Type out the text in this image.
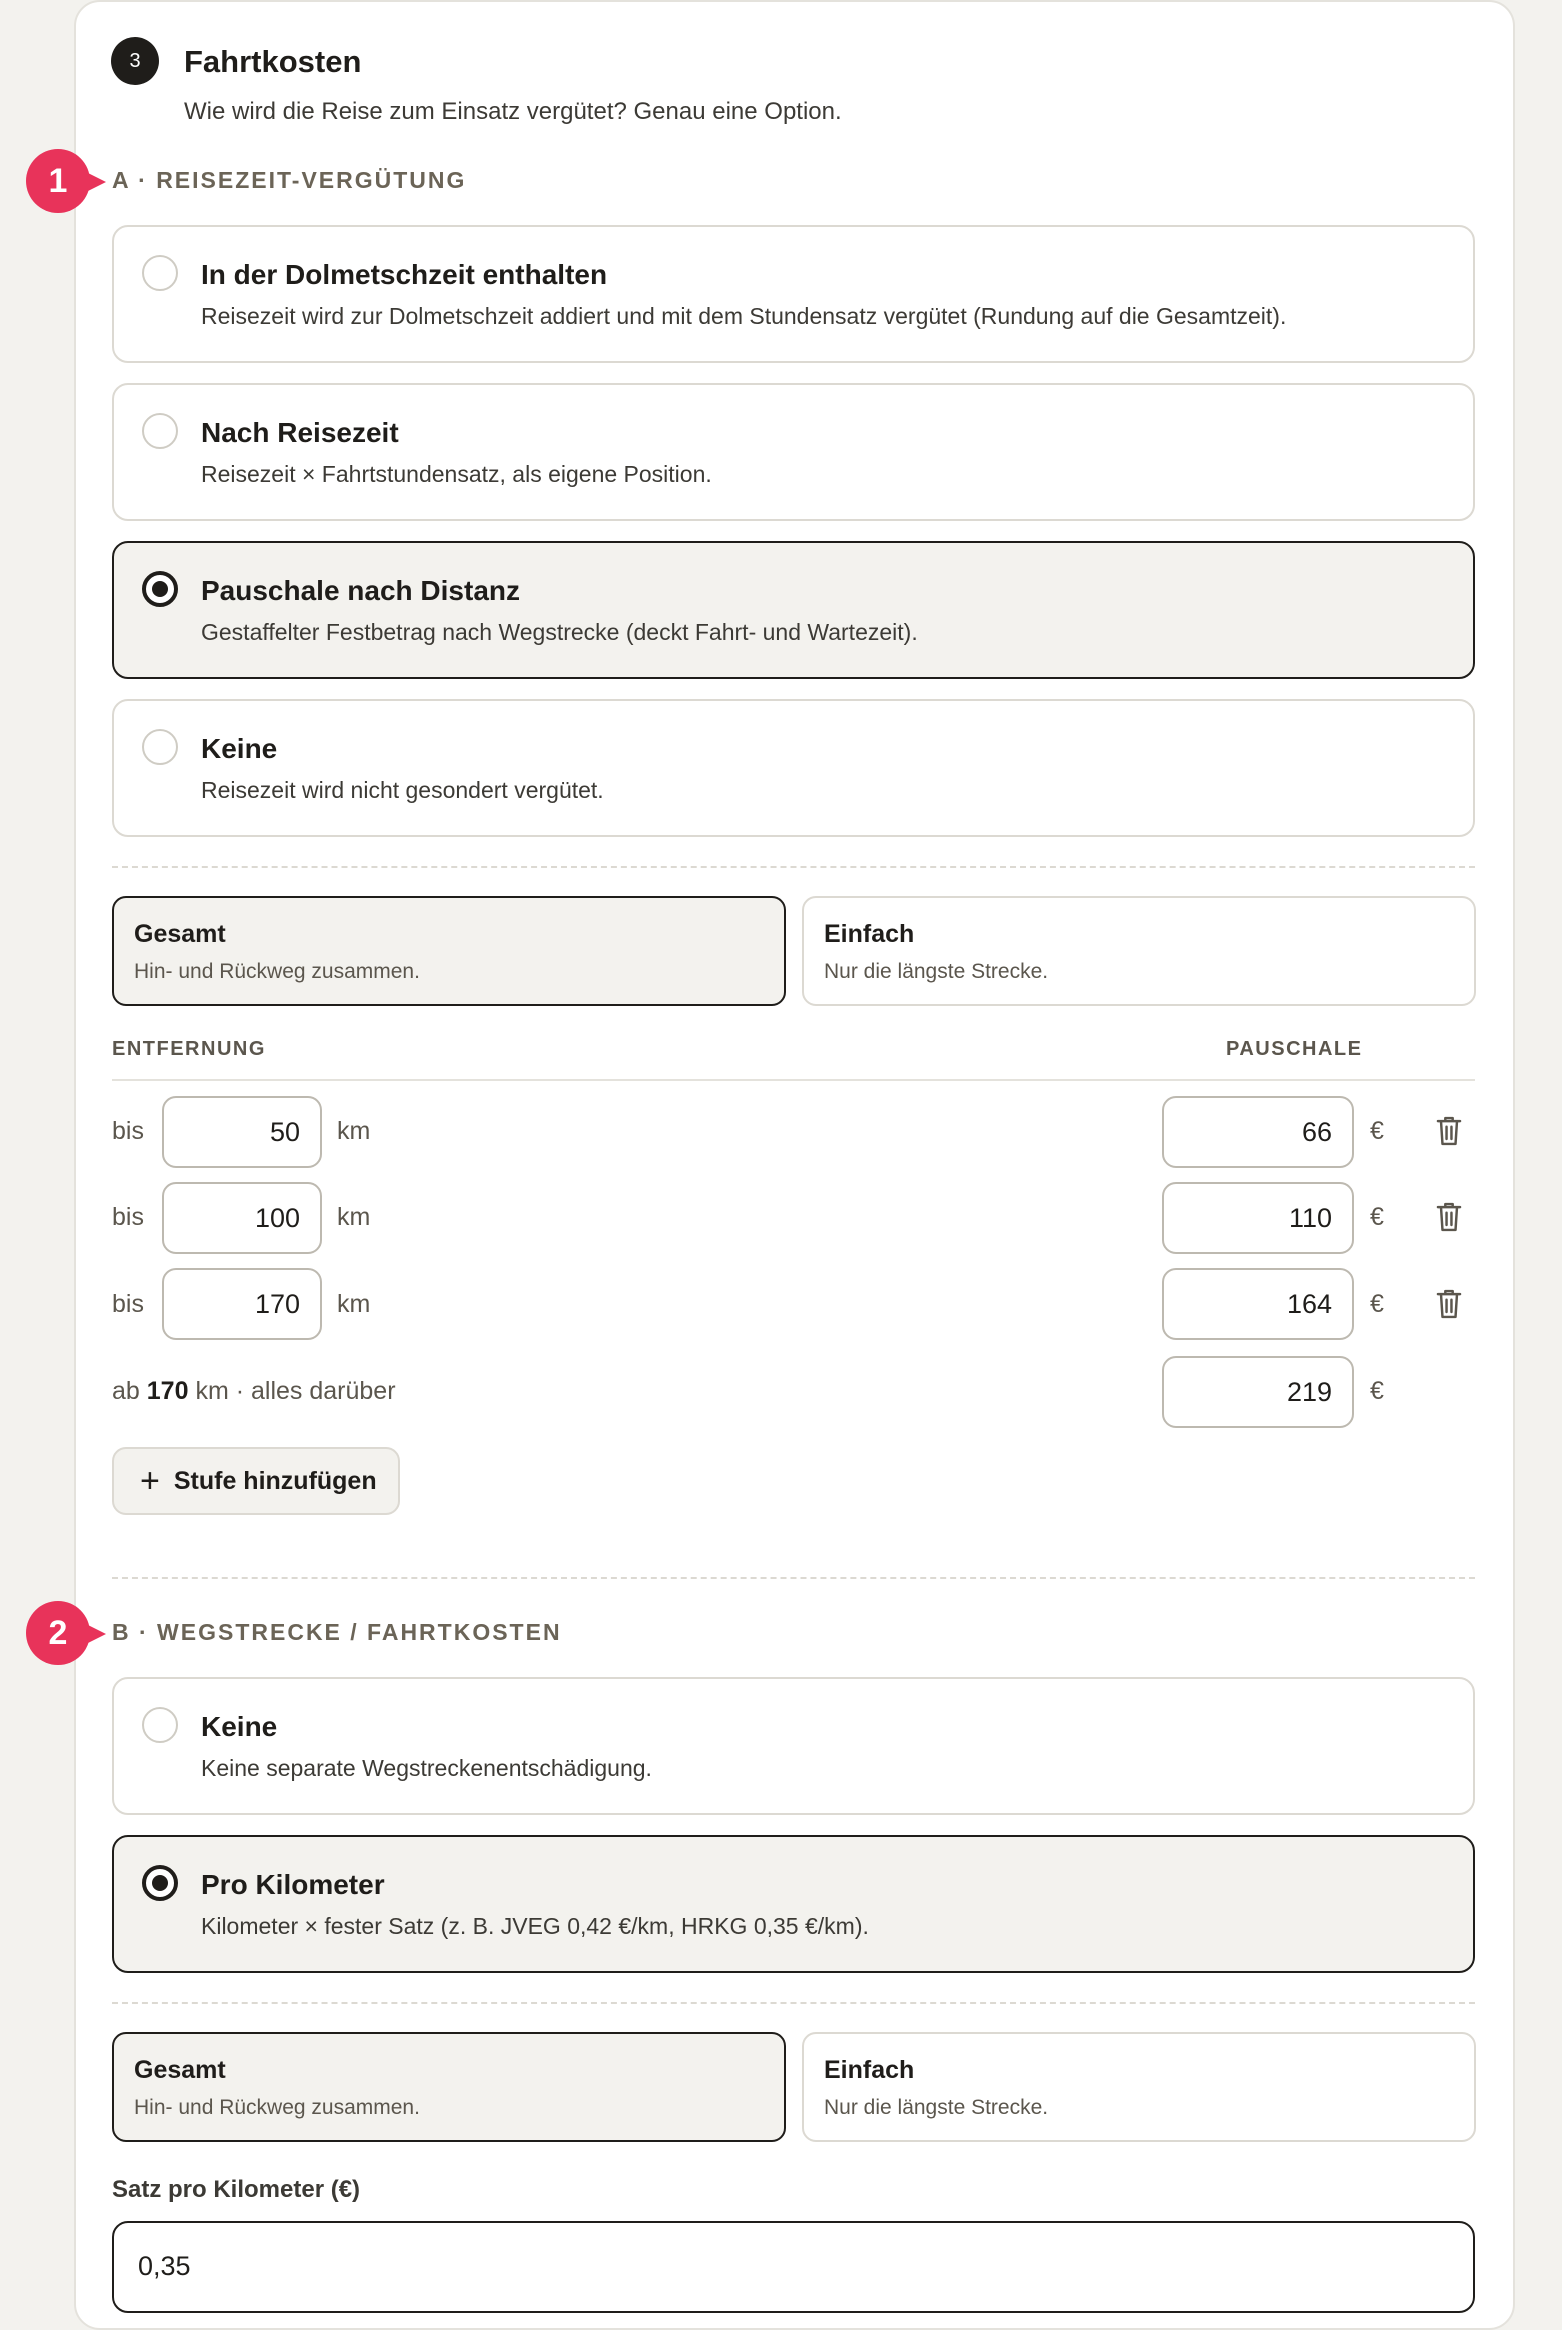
3	Fahrtkosten
Wie wird die Reise zum Einsatz vergütet? Genau eine Option.
1	A · REISEZEIT-VERGÜTUNG
In der Dolmetschzeit enthalten
Reisezeit wird zur Dolmetschzeit addiert und mit dem Stundensatz vergütet (Rundung auf die Gesamtzeit).
Nach Reisezeit
Reisezeit × Fahrtstundensatz, als eigene Position.
Pauschale nach Distanz
Gestaffelter Festbetrag nach Wegstrecke (deckt Fahrt- und Wartezeit).
Keine
Reisezeit wird nicht gesondert vergütet.
Gesamt
Hin- und Rückweg zusammen.
Einfach
Nur die längste Strecke.
ENTFERNUNG	PAUSCHALE
bis	50	km	66	€
bis	100	km	110	€
bis	170	km	164	€
ab 170 km · alles darüber	219	€
+ Stufe hinzufügen
2	B · WEGSTRECKE / FAHRTKOSTEN
Keine
Keine separate Wegstreckenentschädigung.
Pro Kilometer
Kilometer × fester Satz (z. B. JVEG 0,42 €/km, HRKG 0,35 €/km).
Gesamt
Hin- und Rückweg zusammen.
Einfach
Nur die längste Strecke.
Satz pro Kilometer (€)
0,35
